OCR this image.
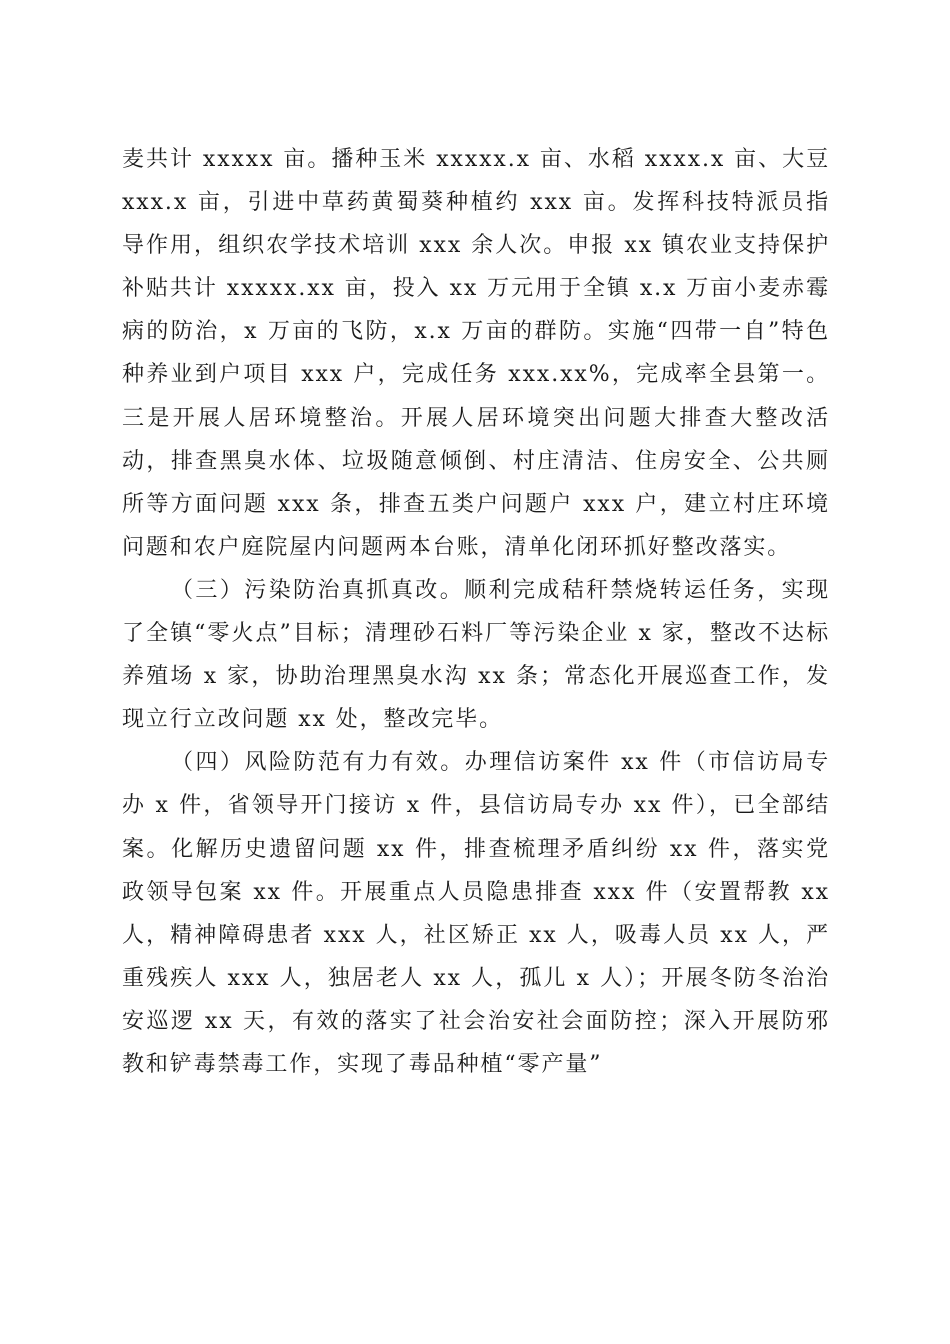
麦共计 xxxxx 亩。播种玉米 xxxxx.x 亩、水稻 xxxx.x 亩、大豆 xxx.x 亩，引进中草药黄蜀葵种植约 xxx 亩。发挥科技特派员指导作用，组织农学技术培训 xxx 余人次。申报 xx 镇农业支持保护补贴共计 xxxxx.xx 亩，投入 xx 万元用于全镇 x.x 万亩小麦赤霉病的防治，x 万亩的飞防，x.x 万亩的群防。实施“四带一自”特色种养业到户项目 xxx 户，完成任务 xxx.xx%，完成率全县第一。三是开展人居环境整治。开展人居环境突出问题大排查大整改活动，排查黑臭水体、垃圾随意倾倒、村庄清洁、住房安全、公共厕所等方面问题 xxx 条，排查五类户问题户 xxx 户，建立村庄环境问题和农户庭院屋内问题两本台账，清单化闭环抓好整改落实。

（三）污染防治真抓真改。顺利完成秸秆禁烧转运任务，实现了全镇“零火点”目标；清理砂石料厂等污染企业 x 家，整改不达标养殖场 x 家，协助治理黑臭水沟 xx 条；常态化开展巡查工作，发现立行立改问题 xx 处，整改完毕。

（四）风险防范有力有效。办理信访案件 xx 件（市信访局专办 x 件，省领导开门接访 x 件，县信访局专办 xx 件），已全部结案。化解历史遗留问题 xx 件，排查梳理矛盾纠纷 xx 件，落实党政领导包案 xx 件。开展重点人员隐患排查 xxx 件（安置帮教 xx 人，精神障碍患者 xxx 人，社区矫正 xx 人，吸毒人员 xx 人，严重残疾人 xxx 人，独居老人 xx 人，孤儿 x 人）；开展冬防冬治治安巡逻 xx 天，有效的落实了社会治安社会面防控；深入开展防邪教和铲毒禁毒工作，实现了毒品种植“零产量”
